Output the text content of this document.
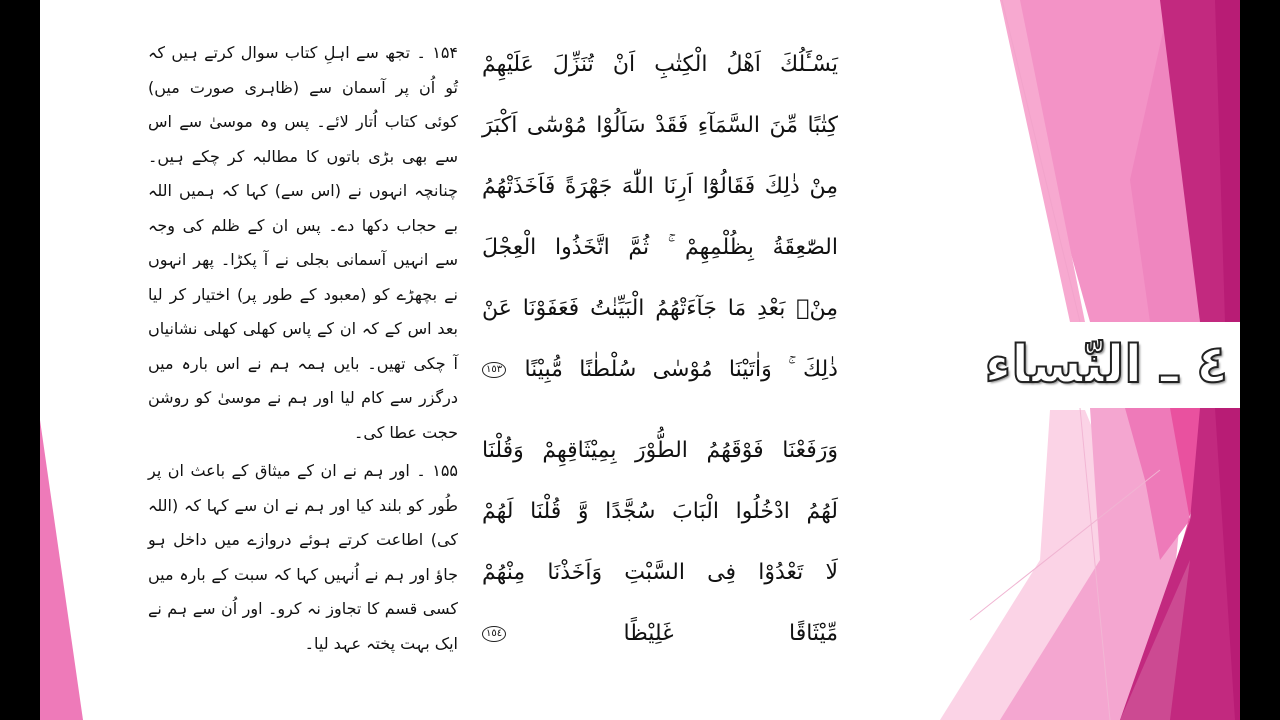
۱۵۴ ۔ تجھ سے اہلِ کتاب سوال کرتے ہیں کہ تُو اُن پر آسمان سے (ظاہری صورت میں) کوئی کتاب اُتار لائے۔ پس وہ موسیٰ سے اس سے بھی بڑی باتوں کا مطالبہ کر چکے ہیں۔ چنانچہ انہوں نے (اس سے) کہا کہ ہمیں اللہ بے حجاب دکھا دے۔ پس ان کے ظلم کی وجہ سے انہیں آسمانی بجلی نے آ پکڑا۔ پھر انہوں نے بچھڑے کو (معبود کے طور پر) اختیار کر لیا بعد اس کے کہ ان کے پاس کھلی کھلی نشانیاں آ چکی تھیں۔ بایں ہمہ ہم نے اس بارہ میں درگزر سے کام لیا اور ہم نے موسیٰ کو روشن حجت عطا کی۔

۱۵۵ ۔ اور ہم نے ان کے میثاق کے باعث ان پر طُور کو بلند کیا اور ہم نے ان سے کہا کہ (اللہ کی) اطاعت کرتے ہوئے دروازے میں داخل ہو جاؤ اور ہم نے اُنہیں کہا کہ سبت کے بارہ میں کسی قسم کا تجاوز نہ کرو۔ اور اُن سے ہم نے ایک بہت پختہ عہد لیا۔

يَسْـَٔلُكَ اَهْلُ الْكِتٰبِ اَنْ تُنَزِّلَ عَلَيْهِمْ
كِتٰبًا مِّنَ السَّمَآءِ فَقَدْ سَاَلُوْا مُوْسٰٓى اَكْبَرَ
مِنْ ذٰلِكَ فَقَالُوْٓا اَرِنَا اللّٰهَ جَهْرَةً فَاَخَذَتْهُمُ
الصّٰعِقَةُ بِظُلْمِهِمْ ۚ ثُمَّ اتَّخَذُوا الْعِجْلَ
مِنْۢ بَعْدِ مَا جَآءَتْهُمُ الْبَيِّنٰتُ فَعَفَوْنَا عَنْ
ذٰلِكَ ۚ وَاٰتَيْنَا مُوْسٰى سُلْطٰنًا مُّبِيْنًا ١٥٣
وَرَفَعْنَا فَوْقَهُمُ الطُّوْرَ بِمِيْثَاقِهِمْ وَقُلْنَا
لَهُمُ ادْخُلُوا الْبَابَ سُجَّدًا وَّ قُلْنَا لَهُمْ
لَا تَعْدُوْا فِى السَّبْتِ وَاَخَذْنَا مِنْهُمْ
مِّيْثَاقًا غَلِيْظًا ١٥٤
٤ ـ النّساء
